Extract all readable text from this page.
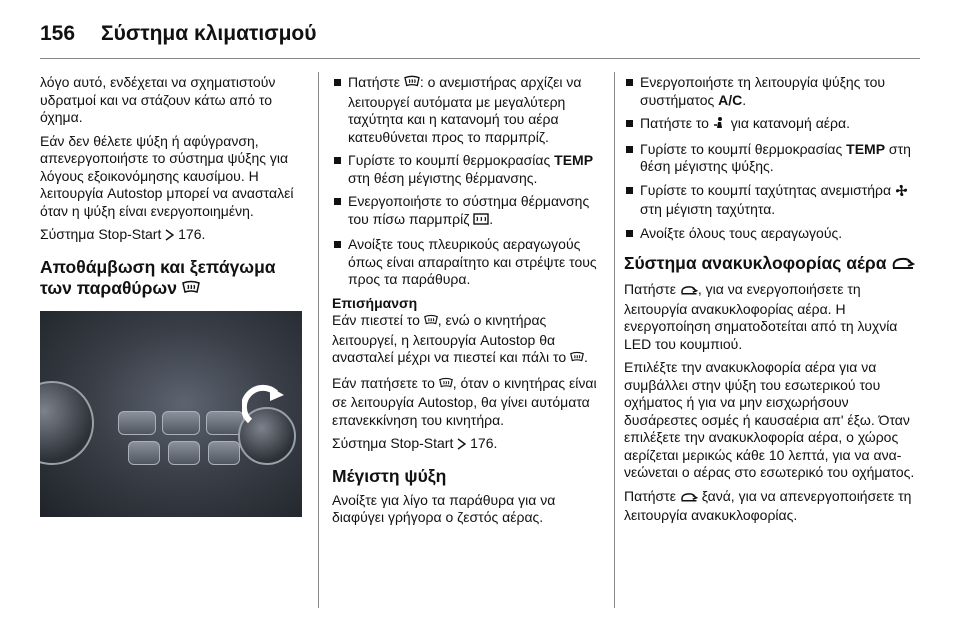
156 Σύστημα κλιματισμού

λόγο αυτό, ενδέχεται να σχηματιστούν υδρατμοί και να στάζουν κάτω από το όχημα.

Εάν δεν θέλετε ψύξη ή αφύγρανση, απενεργοποιήστε το σύστημα ψύξης για λόγους εξοικονόμησης καυσίμου. Η λειτουργία Autostop μπορεί να ανασταλεί όταν η ψύξη είναι ενεργοποιημένη.

Σύστημα Stop-Start 176.

Αποθάμβωση και ξεπάγωμα των παραθύρων
Πατήστε : ο ανεμιστήρας αρχίζει να λειτουργεί αυτόματα με μεγαλύτερη ταχύτητα και η κατανομή του αέρα κατευθύνεται προς το παρμπρίζ.
Γυρίστε το κουμπί θερμοκρασίας TEMP στη θέση μέγιστης θέρμανσης.
Ενεργοποιήστε το σύστημα θέρμανσης του πίσω παρμπρίζ .
Ανοίξτε τους πλευρικούς αεραγωγούς όπως είναι απαραίτητο και στρέψτε τους προς τα παράθυρα.
Επισήμανση

Εάν πιεστεί το , ενώ ο κινητήρας λειτουργεί, η λειτουργία Autostop θα ανασταλεί μέχρι να πιεστεί και πάλι το .

Εάν πατήσετε το , όταν ο κινητήρας είναι σε λειτουργία Autostop, θα γίνει αυτόματα επανεκκίνηση του κινητήρα.

Σύστημα Stop-Start 176.

Μέγιστη ψύξη

Ανοίξτε για λίγο τα παράθυρα για να διαφύγει γρήγορα ο ζεστός αέρας.

Ενεργοποιήστε τη λειτουργία ψύξης του συστήματος A/C.
Πατήστε το για κατανομή αέρα.
Γυρίστε το κουμπί θερμοκρασίας TEMP στη θέση μέγιστης ψύξης.
Γυρίστε το κουμπί ταχύτητας ανεμιστήρα  στη μέγιστη ταχύτητα.
Ανοίξτε όλους τους αεραγωγούς.
Σύστημα ανακυκλοφορίας αέρα

Πατήστε , για να ενεργοποιήσετε τη λειτουργία ανακυκλοφορίας αέρα. Η ενεργοποίηση σηματοδοτείται από τη λυχνία LED του κουμπιού.

Επιλέξτε την ανακυκλοφορία αέρα για να συμβάλλει στην ψύξη του εσωτερικού του οχήματος ή για να μην εισχωρήσουν δυσάρεστες οσμές ή καυσαέρια απ' έξω. Όταν επιλέξετε την ανακυκλοφορία αέρα, ο χώρος αερίζεται μερικώς κάθε 10 λεπτά, για να ανανεώνεται ο αέρας στο εσωτερικό του οχήματος.

Πατήστε ξανά, για να απενεργοποιήσετε τη λειτουργία ανακυκλοφορίας.
